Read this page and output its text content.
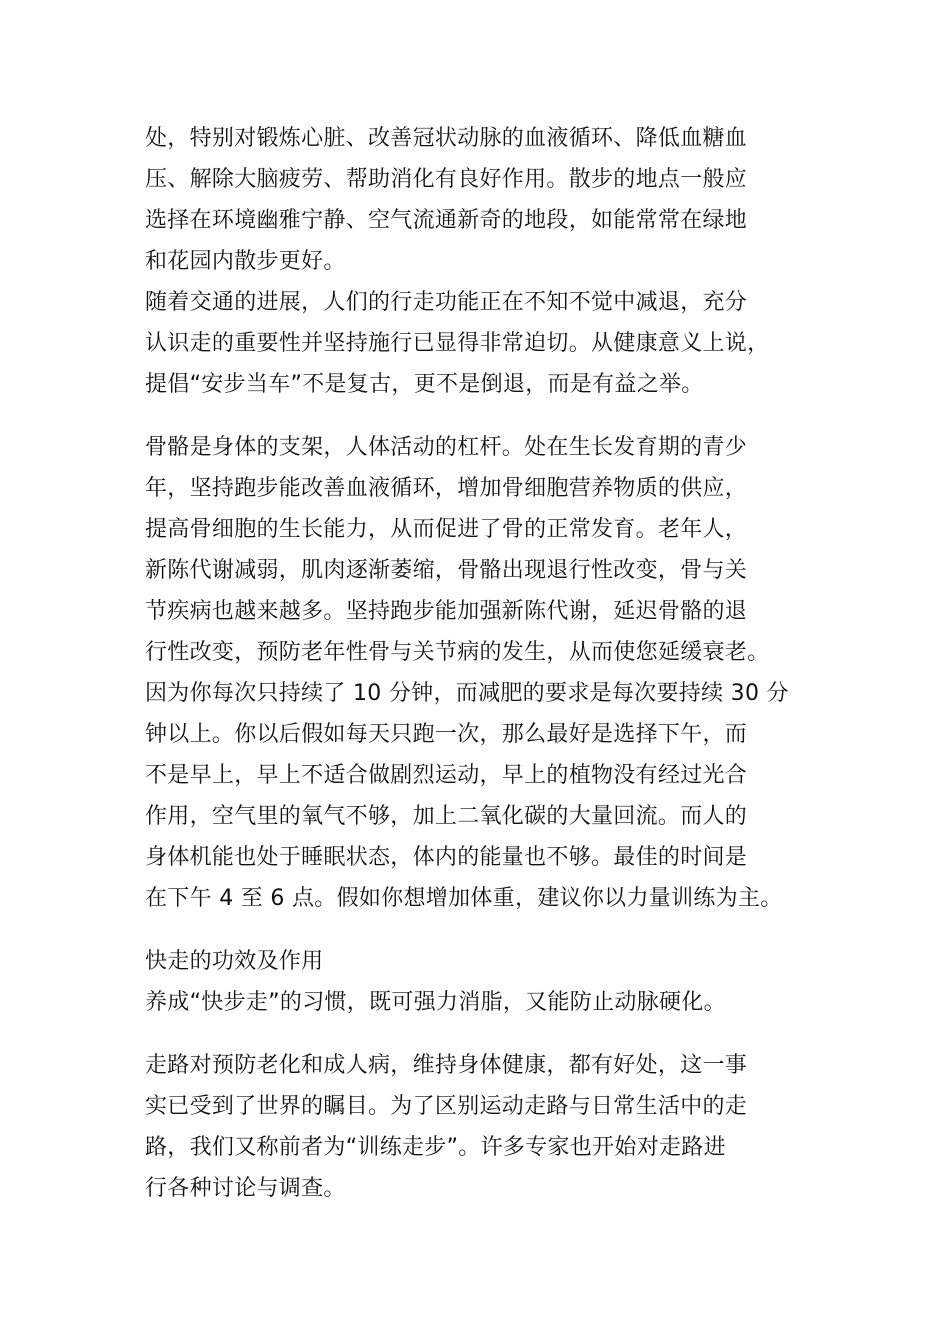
处，特别对锻炼心脏、改善冠状动脉的血液循环、降低血糖血
压、解除大脑疲劳、帮助消化有良好作用。散步的地点一般应
选择在环境幽雅宁静、空气流通新奇的地段，如能常常在绿地
和花园内散步更好。
随着交通的进展，人们的行走功能正在不知不觉中减退，充分
认识走的重要性并坚持施行已显得非常迫切。从健康意义上说，
提倡“安步当车”不是复古，更不是倒退，而是有益之举。
骨骼是身体的支架，人体活动的杠杆。处在生长发育期的青少
年，坚持跑步能改善血液循环，增加骨细胞营养物质的供应，
提高骨细胞的生长能力，从而促进了骨的正常发育。老年人，
新陈代谢减弱，肌肉逐渐萎缩，骨骼出现退行性改变，骨与关
节疾病也越来越多。坚持跑步能加强新陈代谢，延迟骨骼的退
行性改变，预防老年性骨与关节病的发生，从而使您延缓衰老。
因为你每次只持续了 10 分钟，而减肥的要求是每次要持续 30 分
钟以上。你以后假如每天只跑一次，那么最好是选择下午，而
不是早上，早上不适合做剧烈运动，早上的植物没有经过光合
作用，空气里的氧气不够，加上二氧化碳的大量回流。而人的
身体机能也处于睡眠状态，体内的能量也不够。最佳的时间是
在下午 4 至 6 点。假如你想增加体重，建议你以力量训练为主。
快走的功效及作用
养成“快步走”的习惯，既可强力消脂，又能防止动脉硬化。
走路对预防老化和成人病，维持身体健康，都有好处，这一事
实已受到了世界的瞩目。为了区别运动走路与日常生活中的走
路，我们又称前者为“训练走步”。许多专家也开始对走路进
行各种讨论与调查。
